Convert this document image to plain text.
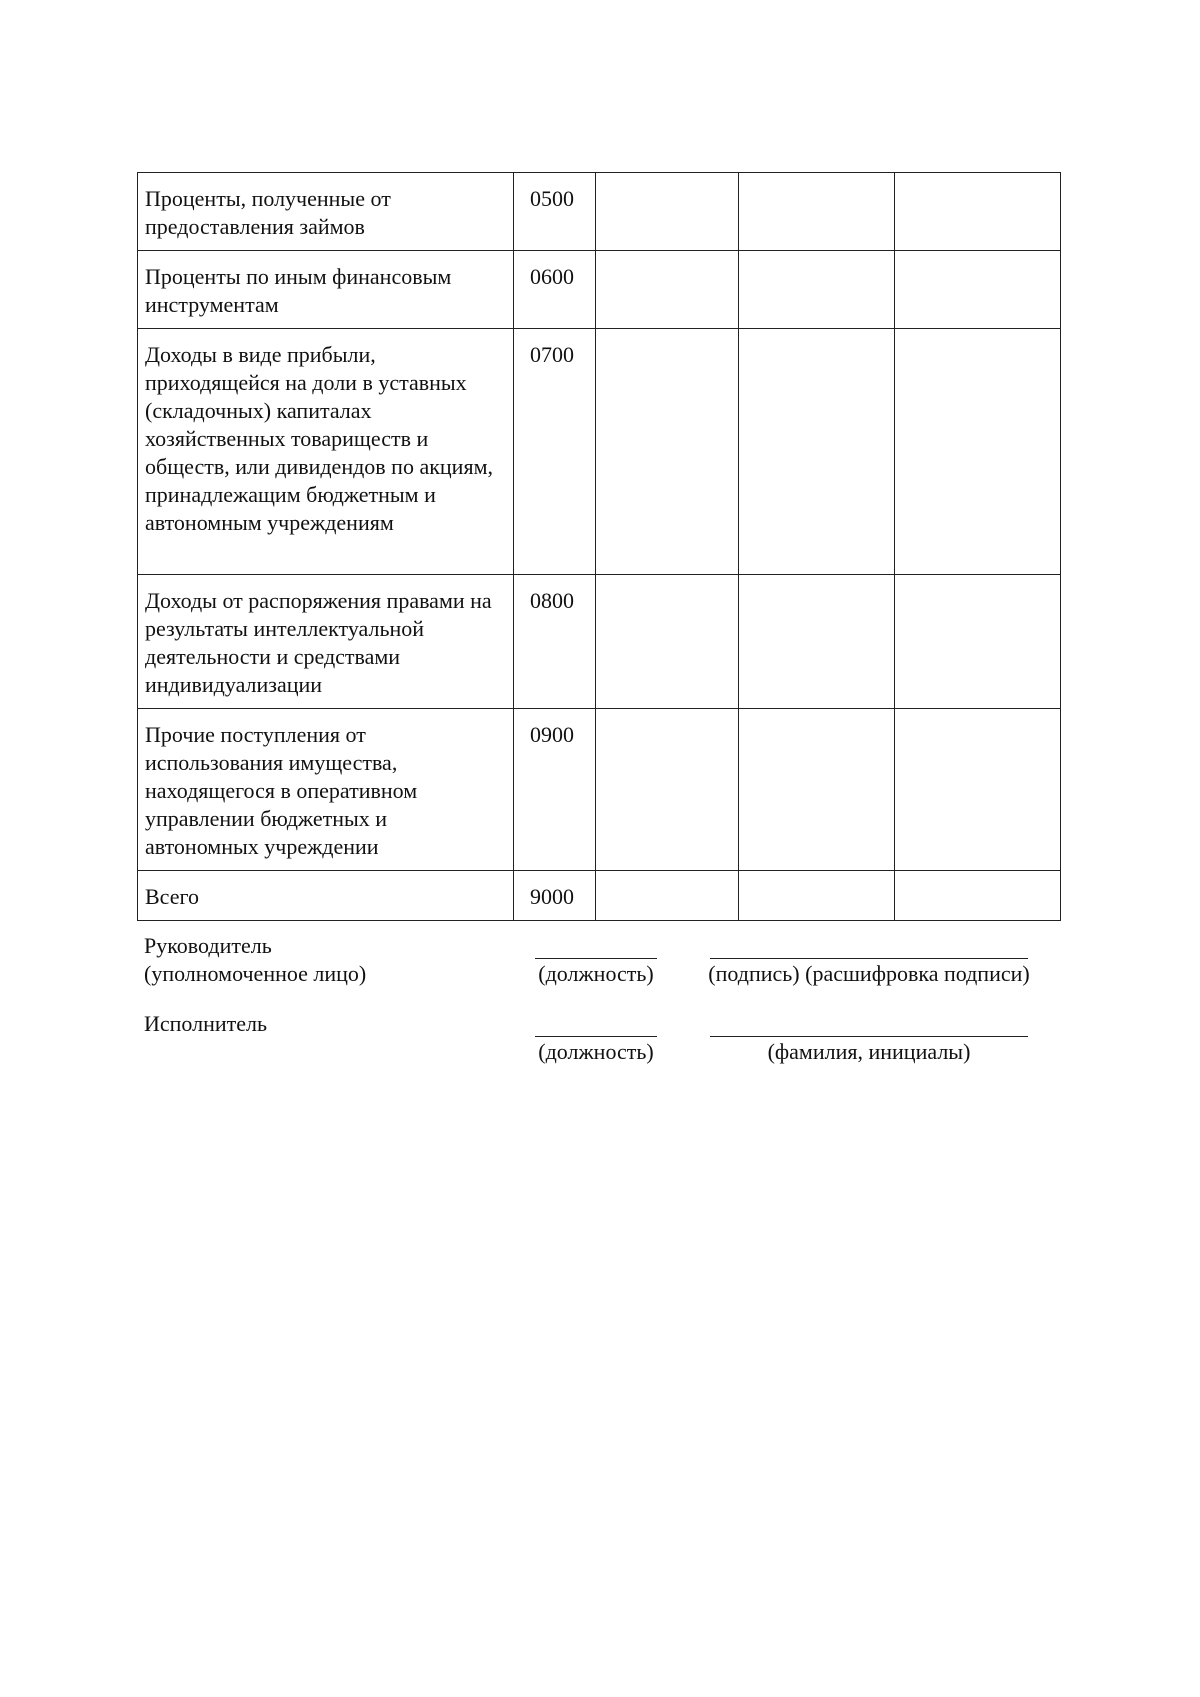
Проценты, полученные от предоставления займов	0500			
Проценты по иным финансовым инструментам	0600			
Доходы в виде прибыли, приходящейся на доли в уставных (складочных) капиталах хозяйственных товариществ и обществ, или дивидендов по акциям, принадлежащим бюджетным и автономным учреждениям	0700			
Доходы от распоряжения правами на результаты интеллектуальной деятельности и средствами индивидуализации	0800			
Прочие поступления от использования имущества, находящегося в оперативном управлении бюджетных и автономных учреждении	0900			
Всего	9000			
Руководитель
(уполномоченное лицо)	(должность)	(подпись) (расшифровка подписи)
Исполнитель
(должность)	(фамилия, инициалы)
